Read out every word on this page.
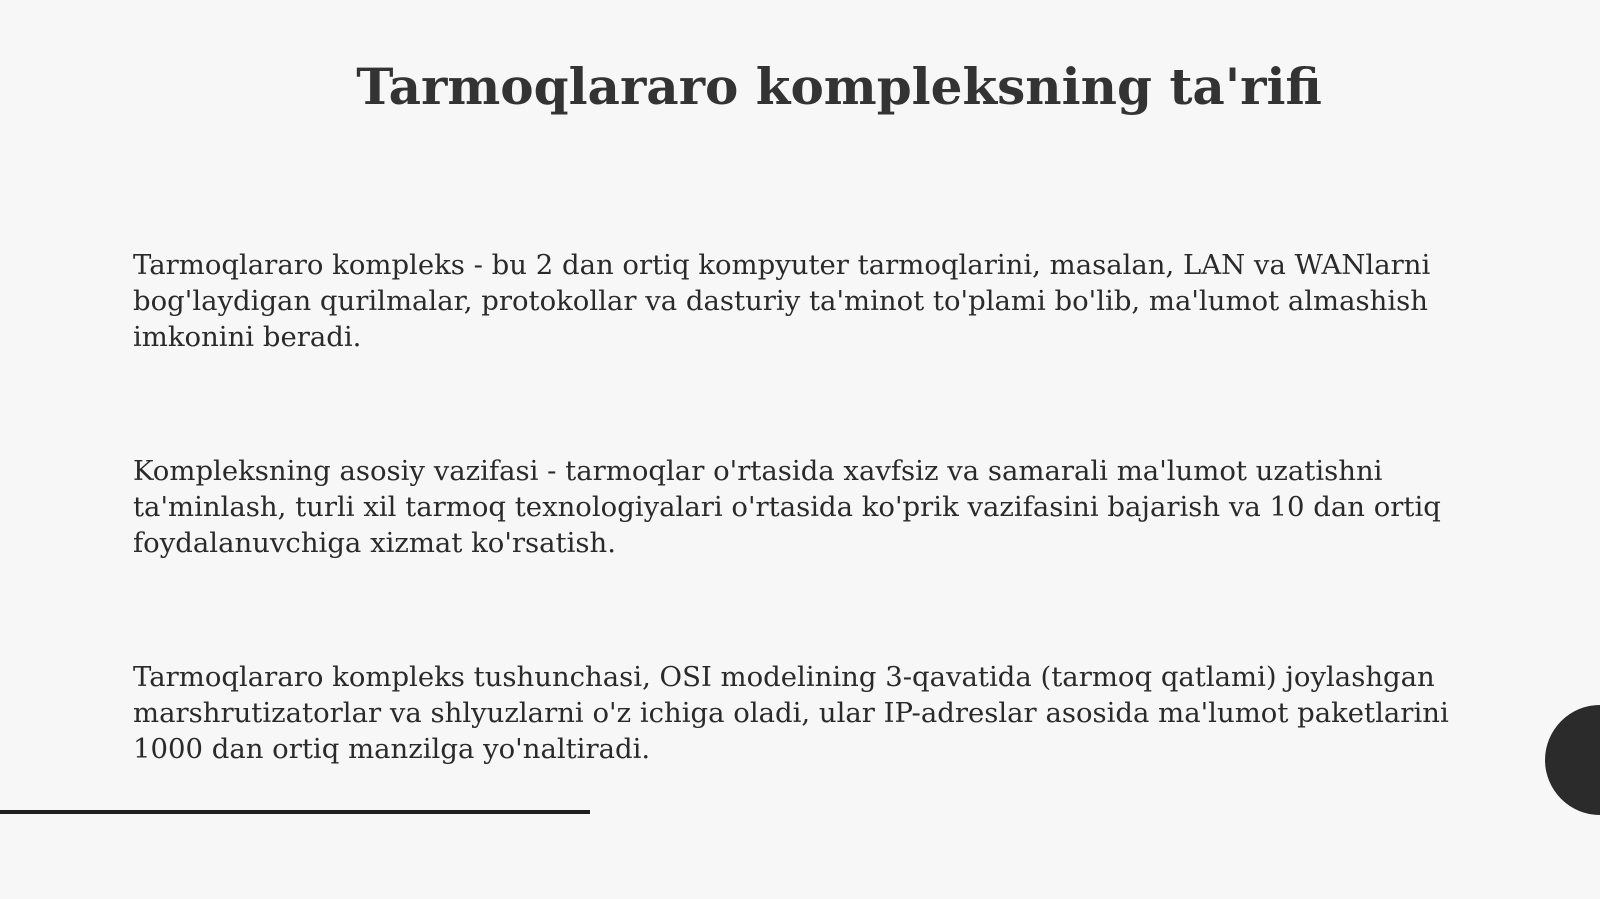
Tarmoqlararo kompleksning ta'rifi

Tarmoqlararo kompleks - bu 2 dan ortiq kompyuter tarmoqlarini, masalan, LAN va WANlarni bog'laydigan qurilmalar, protokollar va dasturiy ta'minot to'plami bo'lib, ma'lumot almashish imkonini beradi.

Kompleksning asosiy vazifasi - tarmoqlar o'rtasida xavfsiz va samarali ma'lumot uzatishni ta'minlash, turli xil tarmoq texnologiyalari o'rtasida ko'prik vazifasini bajarish va 10 dan ortiq foydalanuvchiga xizmat ko'rsatish.

Tarmoqlararo kompleks tushunchasi, OSI modelining 3-qavatida (tarmoq qatlami) joylashgan marshrutizatorlar va shlyuzlarni o'z ichiga oladi, ular IP-adreslar asosida ma'lumot paketlarini 1000 dan ortiq manzilga yo'naltiradi.
